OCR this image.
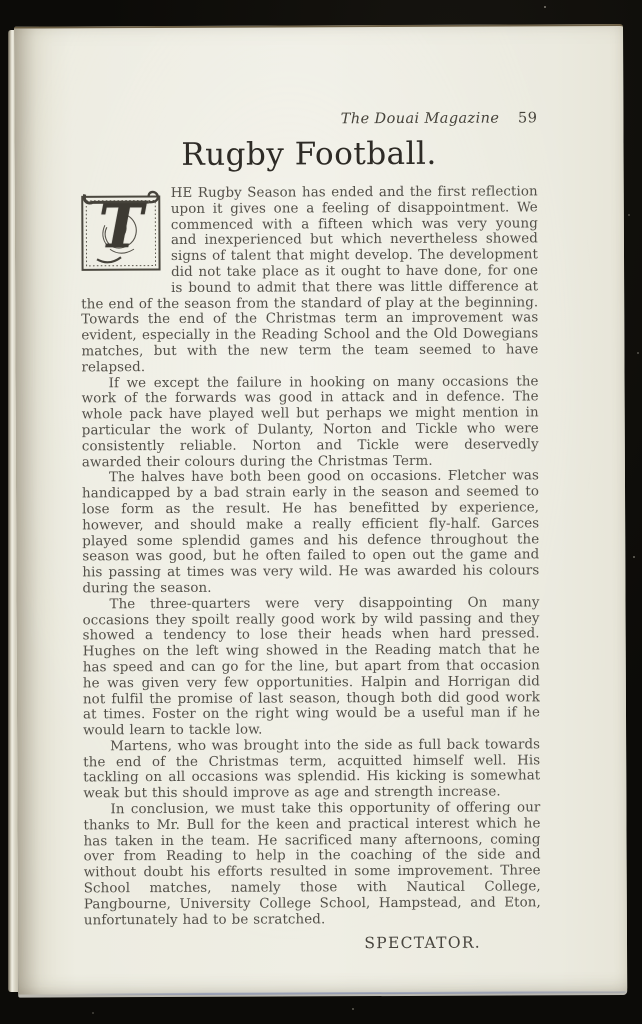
The Douai Magazine 59
Rugby Football.

T	HE Rugby Season has ended and the first reflection upon it gives one a feeling of disappointment. We commenced with a fifteen which was very young and inexperienced but which nevertheless showed signs of talent that might develop. The development did not take place as it ought to have done, for one is bound to admit that there was little difference at the end of the season from the standard of play at the beginning. Towards the end of the Christmas term an improvement was evident, especially in the Reading School and the Old Dowegians matches, but with the new term the team seemed to have relapsed.

If we except the failure in hooking on many occasions the work of the forwards was good in attack and in defence. The whole pack have played well but perhaps we might mention in particular the work of Dulanty, Norton and Tickle who were consistently reliable. Norton and Tickle were deservedly awarded their colours during the Christmas Term.

The halves have both been good on occasions. Fletcher was handicapped by a bad strain early in the season and seemed to lose form as the result. He has benefitted by experience, however, and should make a really efficient fly-half. Garces played some splendid games and his defence throughout the season was good, but he often failed to open out the game and his passing at times was very wild. He was awarded his colours during the season.

The three-quarters were very disappointing On many occasions they spoilt really good work by wild passing and they showed a tendency to lose their heads when hard pressed. Hughes on the left wing showed in the Reading match that he has speed and can go for the line, but apart from that occasion he was given very few opportunities. Halpin and Horrigan did not fulfil the promise of last season, though both did good work at times. Foster on the right wing would be a useful man if he would learn to tackle low.

Martens, who was brought into the side as full back towards the end of the Christmas term, acquitted himself well. His tackling on all occasions was splendid. His kicking is somewhat weak but this should improve as age and strength increase.

In conclusion, we must take this opportunity of offering our thanks to Mr. Bull for the keen and practical interest which he has taken in the team. He sacrificed many afternoons, coming over from Reading to help in the coaching of the side and without doubt his efforts resulted in some improvement. Three School matches, namely those with Nautical College, Pangbourne, University College School, Hampstead, and Eton, unfortunately had to be scratched.

SPECTATOR.
